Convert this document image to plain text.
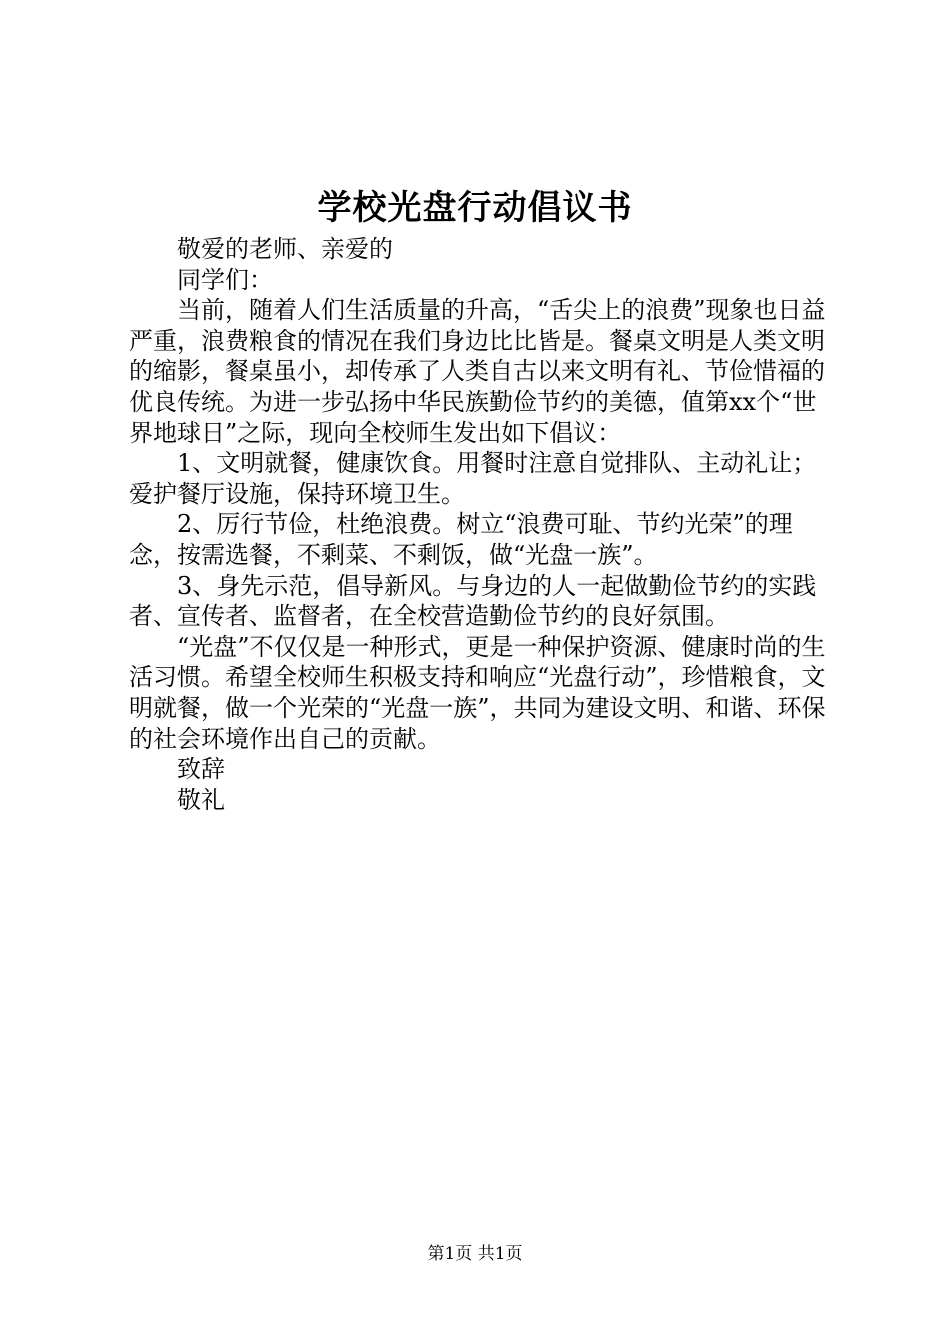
学校光盘行动倡议书

敬爱的老师、亲爱的

同学们：

当前，随着人们生活质量的升高，“舌尖上的浪费”现象也日益严重，浪费粮食的情况在我们身边比比皆是。餐桌文明是人类文明的缩影，餐桌虽小，却传承了人类自古以来文明有礼、节俭惜福的优良传统。为进一步弘扬中华民族勤俭节约的美德，值第xx个“世界地球日”之际，现向全校师生发出如下倡议：

1、文明就餐，健康饮食。用餐时注意自觉排队、主动礼让；爱护餐厅设施，保持环境卫生。

2、厉行节俭，杜绝浪费。树立“浪费可耻、节约光荣”的理念，按需选餐，不剩菜、不剩饭，做“光盘一族”。

3、身先示范，倡导新风。与身边的人一起做勤俭节约的实践者、宣传者、监督者，在全校营造勤俭节约的良好氛围。

“光盘”不仅仅是一种形式，更是一种保护资源、健康时尚的生活习惯。希望全校师生积极支持和响应“光盘行动”，珍惜粮食，文明就餐，做一个光荣的“光盘一族”，共同为建设文明、和谐、环保的社会环境作出自己的贡献。

致辞

敬礼

第1页 共1页
